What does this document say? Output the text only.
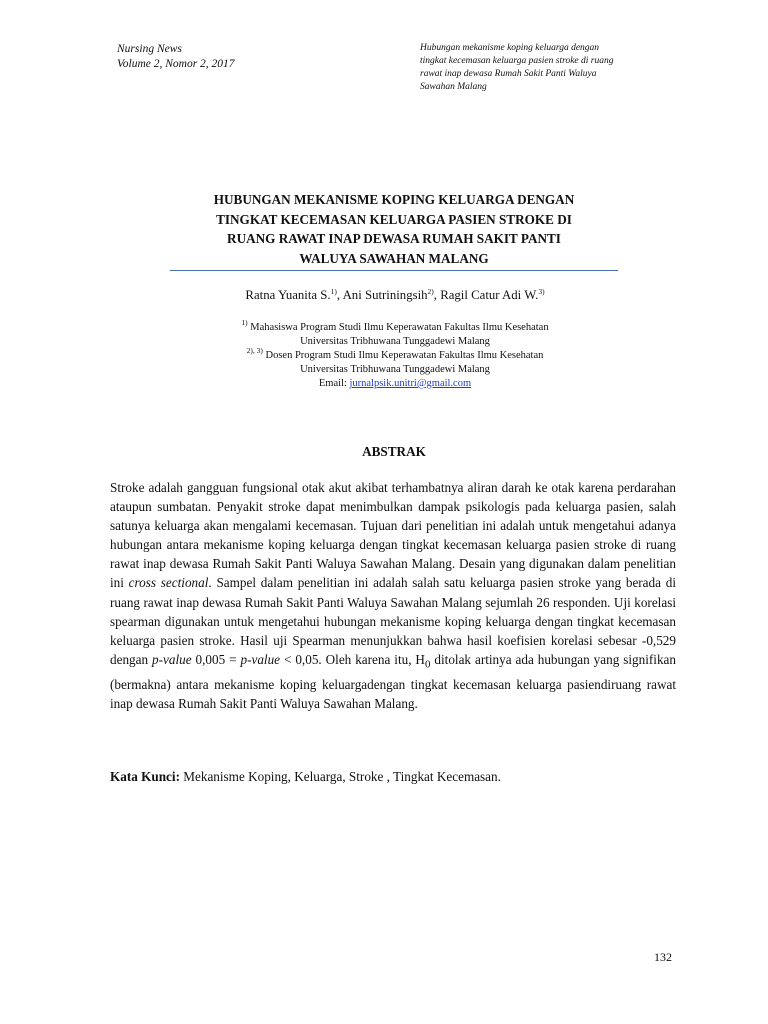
Nursing News
Volume 2, Nomor 2, 2017
Hubungan mekanisme koping keluarga dengan
tingkat kecemasan keluarga pasien stroke di ruang
rawat inap dewasa Rumah Sakit Panti Waluya
Sawahan Malang
HUBUNGAN MEKANISME KOPING KELUARGA DENGAN
TINGKAT KECEMASAN KELUARGA PASIEN STROKE DI
RUANG RAWAT INAP DEWASA RUMAH SAKIT PANTI
WALUYA SAWAHAN MALANG
Ratna Yuanita S.$^{1)}$, Ani Sutriningsih$^{2)}$, Ragil Catur Adi W.$^{3)}$
$^{1)}$ Mahasiswa Program Studi Ilmu Keperawatan Fakultas Ilmu Kesehatan
Universitas Tribhuwana Tunggadewi Malang
$^{2), 3)}$ Dosen Program Studi Ilmu Keperawatan Fakultas Ilmu Kesehatan
Universitas Tribhuwana Tunggadewi Malang
Email: jurnalpsik.unitri@gmail.com
ABSTRAK
Stroke adalah gangguan fungsional otak akut akibat terhambatnya aliran darah ke otak karena perdarahan ataupun sumbatan. Penyakit stroke dapat menimbulkan dampak psikologis pada keluarga pasien, salah satunya keluarga akan mengalami kecemasan. Tujuan dari penelitian ini adalah untuk mengetahui adanya hubungan antara mekanisme koping keluarga dengan tingkat kecemasan keluarga pasien stroke di ruang rawat inap dewasa Rumah Sakit Panti Waluya Sawahan Malang. Desain yang digunakan dalam penelitian ini cross sectional. Sampel dalam penelitian ini adalah salah satu keluarga pasien stroke yang berada di ruang rawat inap dewasa Rumah Sakit Panti Waluya Sawahan Malang sejumlah 26 responden. Uji korelasi spearman digunakan untuk mengetahui hubungan mekanisme koping keluarga dengan tingkat kecemasan keluarga pasien stroke. Hasil uji Spearman menunjukkan bahwa hasil koefisien korelasi sebesar -0,529 dengan p-value 0,005 = p-value < 0,05. Oleh karena itu, $H_0$ ditolak artinya ada hubungan yang signifikan (bermakna) antara mekanisme koping keluargadengan tingkat kecemasan keluarga pasiendiruang rawat inap dewasa Rumah Sakit Panti Waluya Sawahan Malang.
Kata Kunci: Mekanisme Koping, Keluarga, Stroke , Tingkat Kecemasan.
132
